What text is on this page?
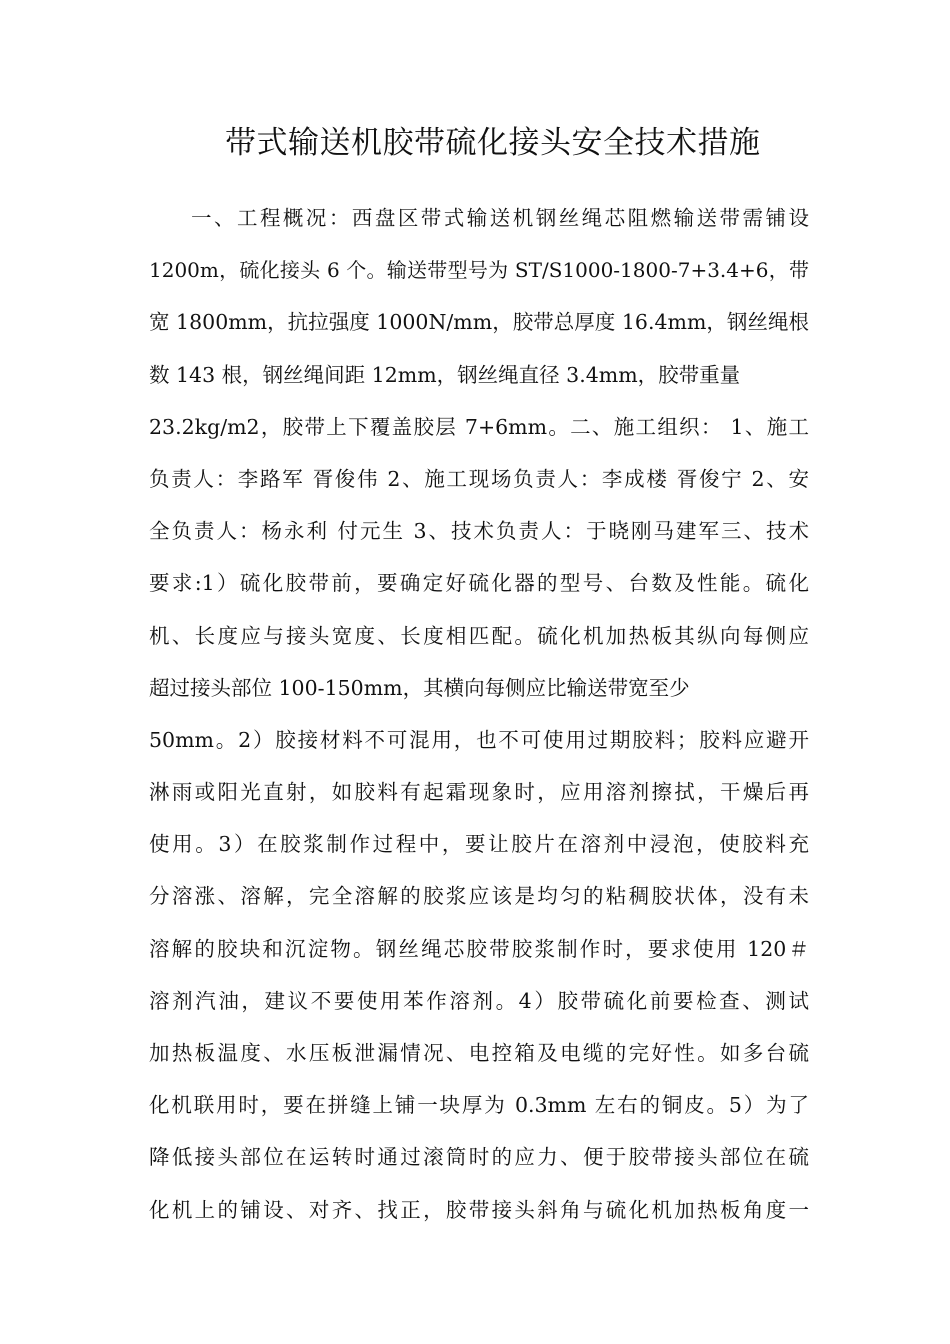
带式输送机胶带硫化接头安全技术措施
一、工程概况：西盘区带式输送机钢丝绳芯阻燃输送带需铺设
1200m，硫化接头 6 个。输送带型号为 ST/S1000-1800-7+3.4+6，带
宽 1800mm，抗拉强度 1000N/mm，胶带总厚度 16.4mm，钢丝绳根
数 143 根，钢丝绳间距 12mm，钢丝绳直径 3.4mm，胶带重量
23.2kg/m2，胶带上下覆盖胶层 7+6mm。二、施工组织： 1、施工
负责人：李路军 胥俊伟 2、施工现场负责人：李成楼 胥俊宁 2、安
全负责人：杨永利 付元生 3、技术负责人：于晓刚马建军三、技术
要求:1）硫化胶带前，要确定好硫化器的型号、台数及性能。硫化
机、长度应与接头宽度、长度相匹配。硫化机加热板其纵向每侧应
超过接头部位 100-150mm，其横向每侧应比输送带宽至少
50mm。2）胶接材料不可混用，也不可使用过期胶料；胶料应避开
淋雨或阳光直射，如胶料有起霜现象时，应用溶剂擦拭，干燥后再
使用。3）在胶浆制作过程中，要让胶片在溶剂中浸泡，使胶料充
分溶涨、溶解，完全溶解的胶浆应该是均匀的粘稠胶状体，没有未
溶解的胶块和沉淀物。钢丝绳芯胶带胶浆制作时，要求使用 120＃
溶剂汽油，建议不要使用苯作溶剂。4）胶带硫化前要检查、测试
加热板温度、水压板泄漏情况、电控箱及电缆的完好性。如多台硫
化机联用时，要在拼缝上铺一块厚为 0.3mm 左右的铜皮。5）为了
降低接头部位在运转时通过滚筒时的应力、便于胶带接头部位在硫
化机上的铺设、对齐、找正，胶带接头斜角与硫化机加热板角度一
